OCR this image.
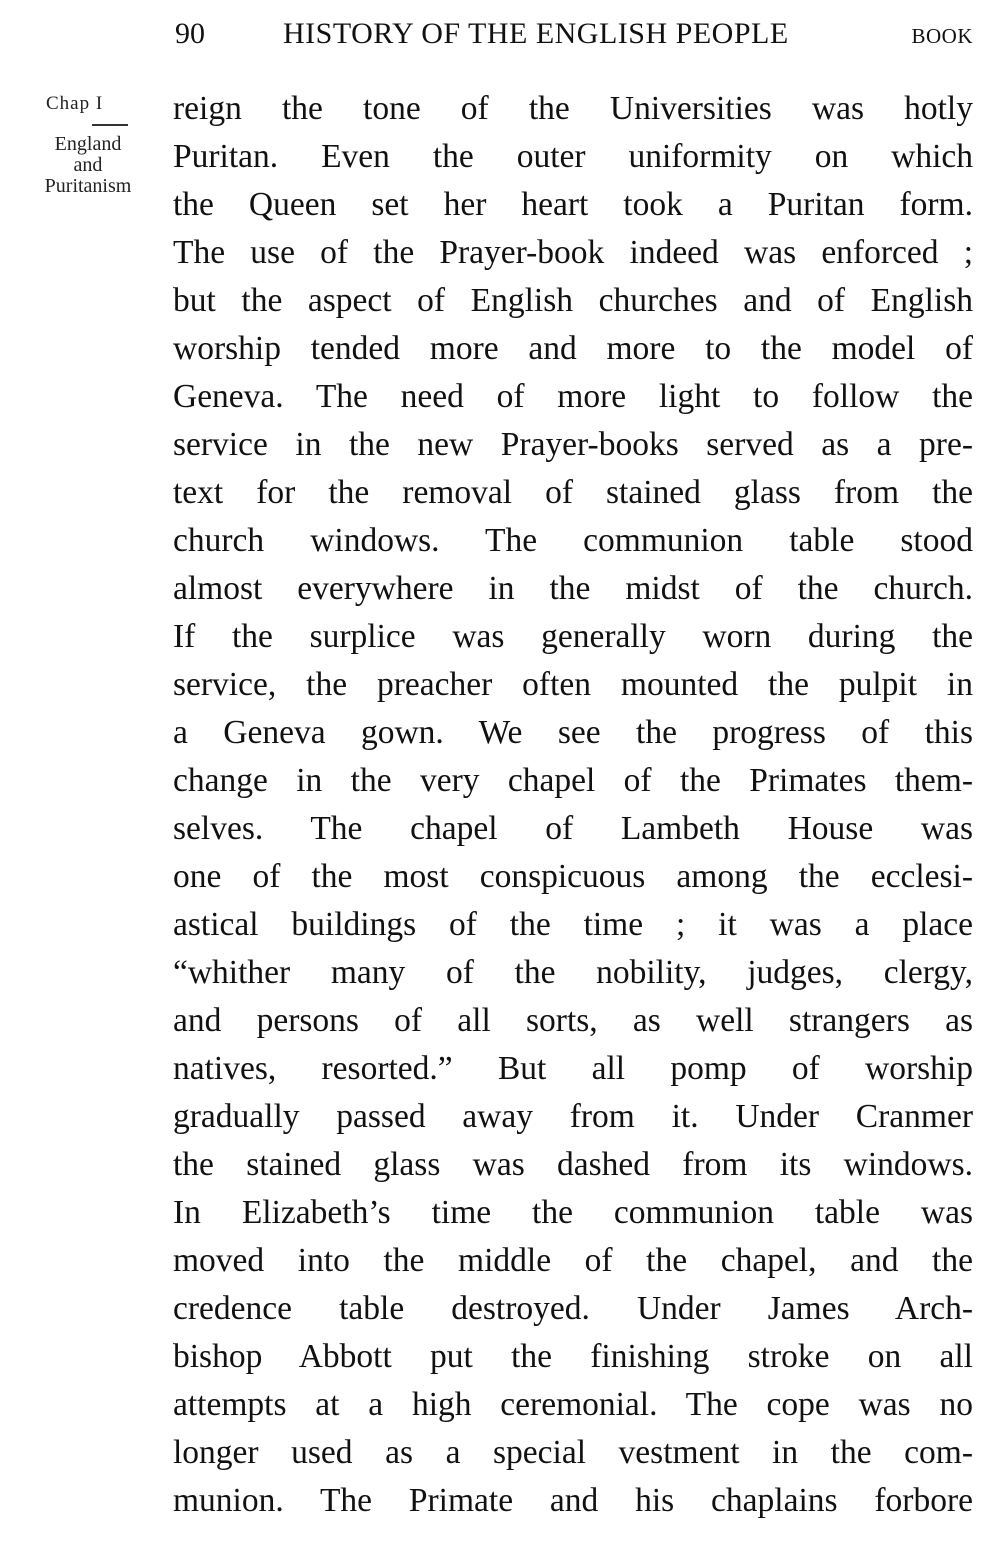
90	HISTORY OF THE ENGLISH PEOPLE	BOOK
Chap I
England
and
Puritanism
reign the tone of the Universities was hotly
Puritan. Even the outer uniformity on which
the Queen set her heart took a Puritan form.
The use of the Prayer-book indeed was enforced ;
but the aspect of English churches and of English
worship tended more and more to the model of
Geneva. The need of more light to follow the
service in the new Prayer-books served as a pre-
text for the removal of stained glass from the
church windows. The communion table stood
almost everywhere in the midst of the church.
If the surplice was generally worn during the
service, the preacher often mounted the pulpit in
a Geneva gown. We see the progress of this
change in the very chapel of the Primates them-
selves. The chapel of Lambeth House was
one of the most conspicuous among the ecclesi-
astical buildings of the time ; it was a place
“whither many of the nobility, judges, clergy,
and persons of all sorts, as well strangers as
natives, resorted.” But all pomp of worship
gradually passed away from it. Under Cranmer
the stained glass was dashed from its windows.
In Elizabeth’s time the communion table was
moved into the middle of the chapel, and the
credence table destroyed. Under James Arch-
bishop Abbott put the finishing stroke on all
attempts at a high ceremonial. The cope was no
longer used as a special vestment in the com-
munion. The Primate and his chaplains forbore
